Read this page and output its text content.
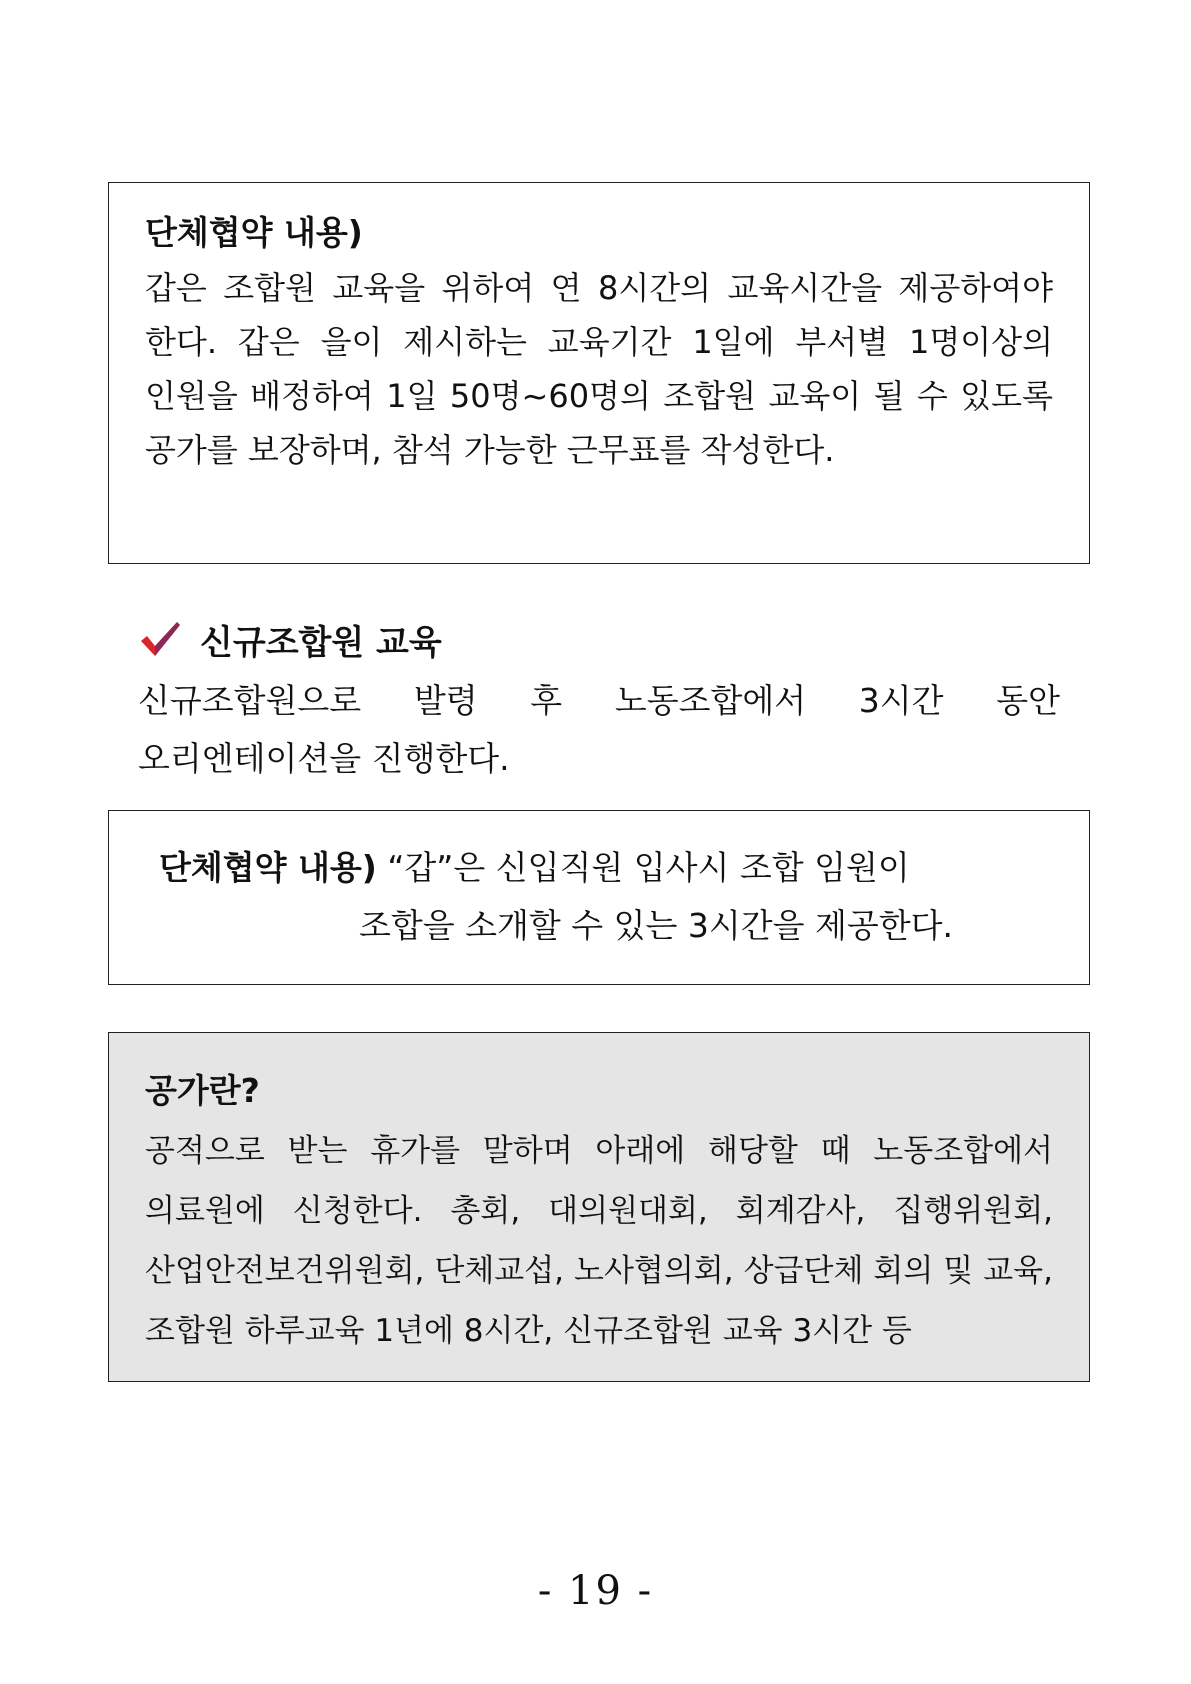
단체협약 내용)

갑은 조합원 교육을 위하여 연 8시간의 교육시간을 제공하여야 한다. 갑은 을이 제시하는 교육기간 1일에 부서별 1명이상의 인원을 배정하여 1일 50명~60명의 조합원 교육이 될 수 있도록 공가를 보장하며, 참석 가능한 근무표를 작성한다.

신규조합원 교육

신규조합원으로 발령 후 노동조합에서 3시간 동안 오리엔테이션을 진행한다.

단체협약 내용) “갑”은 신입직원 입사시 조합 임원이
조합을 소개할 수 있는 3시간을 제공한다.
공가란?

공적으로 받는 휴가를 말하며 아래에 해당할 때 노동조합에서 의료원에 신청한다. 총회, 대의원대회, 회계감사, 집행위원회, 산업안전보건위원회, 단체교섭, 노사협의회, 상급단체 회의 및 교육, 조합원 하루교육 1년에 8시간, 신규조합원 교육 3시간 등

- 19 -
